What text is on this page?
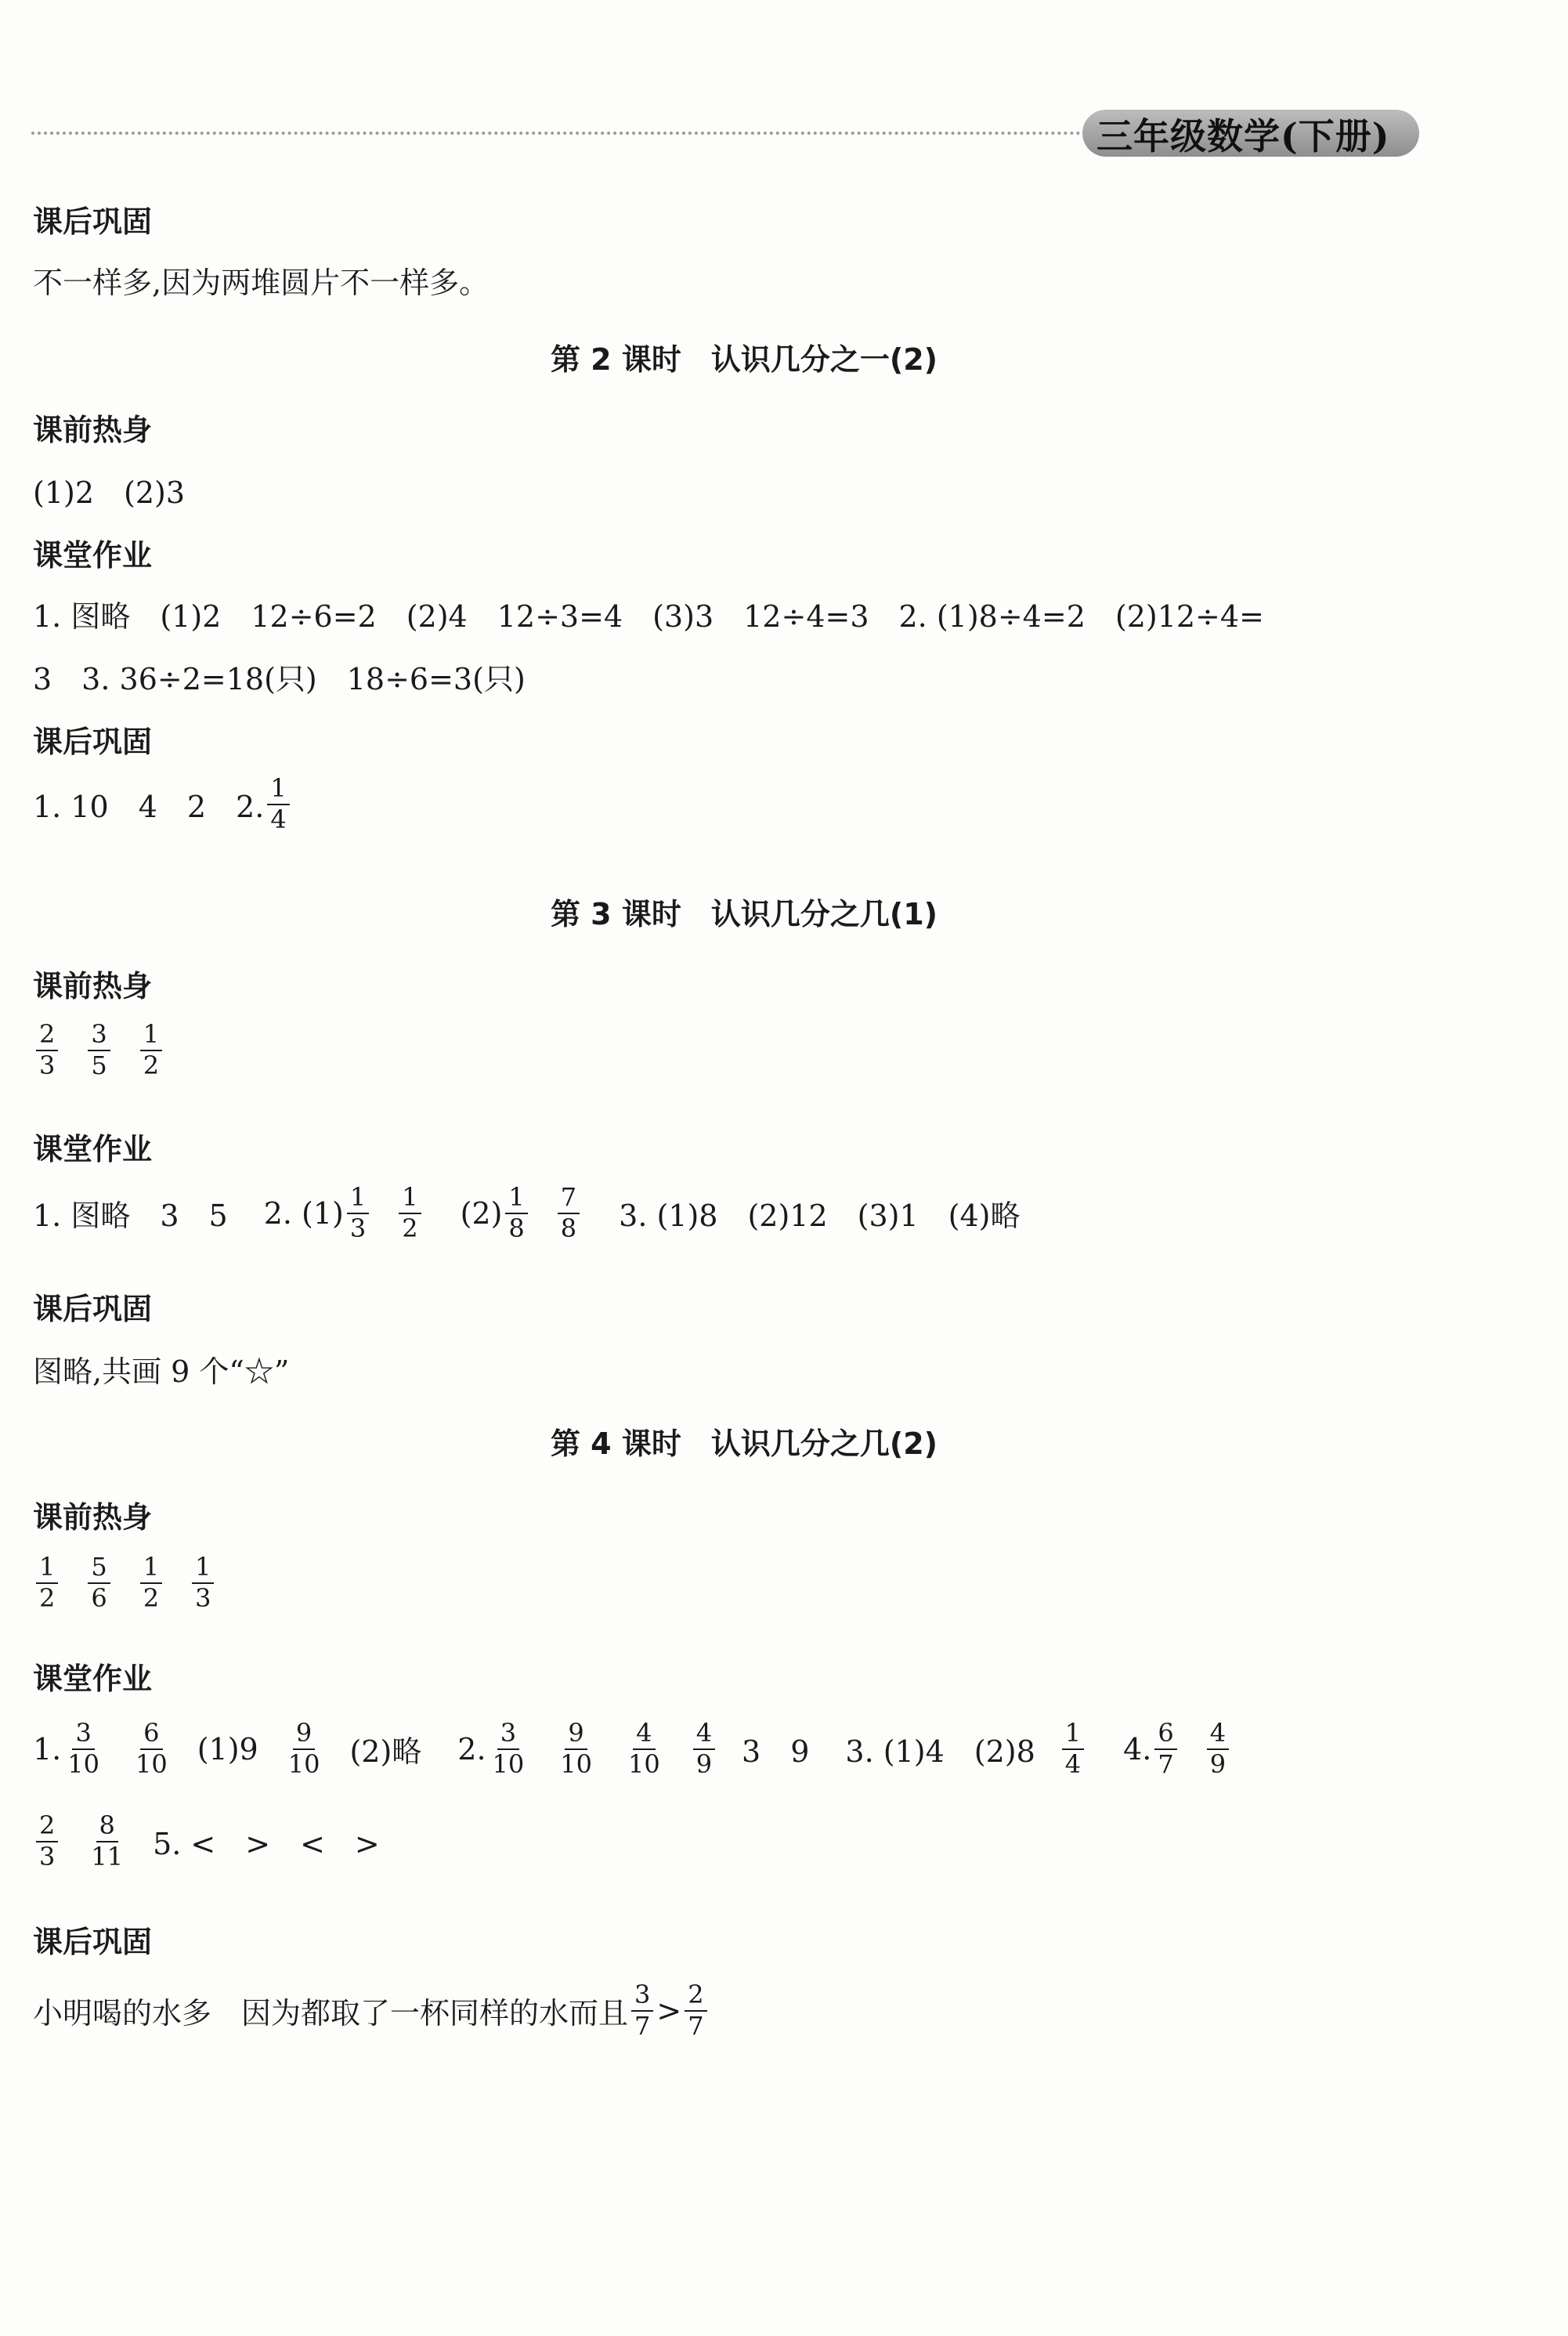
三年级数学(下册)
课后巩固
不一样多,因为两堆圆片不一样多。
第 2 课时　认识几分之一(2)
课前热身
(1)2　(2)3
课堂作业
1. 图略　(1)2　12÷6=2　(2)4　12÷3=4　(3)3　12÷4=3　2. (1)8÷4=2　(2)12÷4=
3　3. 36÷2=18(只)　18÷6=3(只)
课后巩固
1. 10　4　2　2. $\frac{1}{4}$
第 3 课时　认识几分之几(1)
课前热身
$\frac{2}{3} \frac{3}{5} \frac{1}{2}$
课堂作业
1. 图略　3　5 2. $(1) \frac{1}{3} \frac{1}{2} (2) \frac{1}{8} \frac{7}{8} 3$. (1)8　(2)12　(3)1　(4)略
课后巩固
图略,共画 9 个“☆”
第 4 课时　认识几分之几(2)
课前热身
$\frac{1}{2} \frac{5}{6} \frac{1}{2} \frac{1}{3}$
课堂作业
1. $\frac{3}{10} \frac{6}{10} (1)9 \frac{9}{10} (2)$略 2. $\frac{3}{10} \frac{9}{10} \frac{4}{10} \frac{4}{9} 3$　9 3. (1)4　$(2)8 \frac{1}{4} 4$. $\frac{6}{7} \frac{4}{9}$
$\frac{2}{3} \frac{8}{11} 5$. <　>　<　>
课后巩固
小明喝的水多　因为都取了一杯同样的水而且 $\frac{3}{7} > \frac{2}{7}$
